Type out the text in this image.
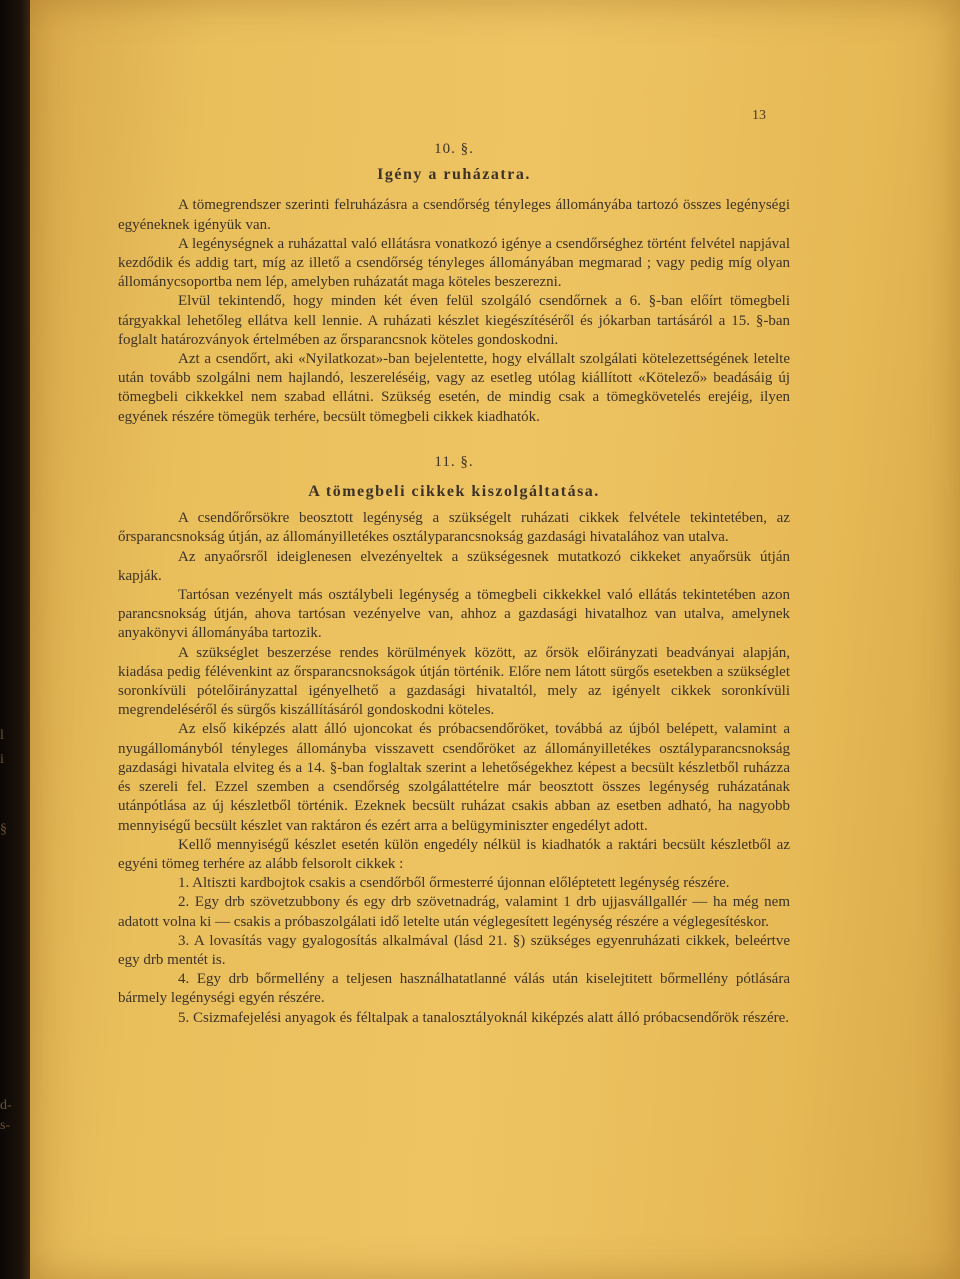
l
i
§
d-
s-
13

10. §.

Igény a ruházatra.

A tömegrendszer szerinti felruházásra a csendőrség tényleges állományába tartozó összes legénységi egyéneknek igényük van.

A legénységnek a ruházattal való ellátásra vonatkozó igénye a csendőrséghez történt felvétel napjával kezdődik és addig tart, míg az illető a csendőrség tényleges állományában megmarad ; vagy pedig míg olyan állománycsoportba nem lép, amelyben ruházatát maga köteles beszerezni.

Elvül tekintendő, hogy minden két éven felül szolgáló csendőrnek a 6. §-ban előírt tömegbeli tárgyakkal lehetőleg ellátva kell lennie. A ruházati készlet kiegészítéséről és jókarban tartásáról a 15. §-ban foglalt határozványok értelmében az őrsparancsnok köteles gondoskodni.

Azt a csendőrt, aki «Nyilatkozat»-ban bejelentette, hogy elvállalt szolgálati kötelezettségének letelte után tovább szolgálni nem hajlandó, leszereléséig, vagy az esetleg utólag kiállított «Kötelező» beadásáig új tömegbeli cikkekkel nem szabad ellátni. Szükség esetén, de mindig csak a tömegkövetelés erejéig, ilyen egyének részére tömegük terhére, becsült tömegbeli cikkek kiadhatók.

11. §.

A tömegbeli cikkek kiszolgáltatása.

A csendőrőrsökre beosztott legénység a szükségelt ruházati cikkek felvétele tekintetében, az őrsparancsnokság útján, az állományilletékes osztályparancsnokság gazdasági hivatalához van utalva.

Az anyaőrsről ideiglenesen elvezényeltek a szükségesnek mutatkozó cikkeket anyaőrsük útján kapják.

Tartósan vezényelt más osztálybeli legénység a tömegbeli cikkekkel való ellátás tekintetében azon parancsnokság útján, ahova tartósan vezényelve van, ahhoz a gazdasági hivatalhoz van utalva, amelynek anyakönyvi állományába tartozik.

A szükséglet beszerzése rendes körülmények között, az őrsök előirányzati beadványai alapján, kiadása pedig félévenkint az őrsparancsnokságok útján történik. Előre nem látott sürgős esetekben a szükséglet soronkívüli pótelőirányzattal igényelhető a gazdasági hivataltól, mely az igényelt cikkek soronkívüli megrendeléséről és sürgős kiszállításáról gondoskodni köteles.

Az első kiképzés alatt álló ujoncokat és próbacsendőröket, továbbá az újból belépett, valamint a nyugállományból tényleges állományba visszavett csendőröket az állományilletékes osztályparancsnokság gazdasági hivatala elviteg és a 14. §-ban foglaltak szerint a lehetőségekhez képest a becsült készletből ruházza és szereli fel. Ezzel szemben a csendőrség szolgálattételre már beosztott összes legénység ruházatának utánpótlása az új készletből történik. Ezeknek becsült ruházat csakis abban az esetben adható, ha nagyobb mennyiségű becsült készlet van raktáron és ezért arra a belügyminiszter engedélyt adott.

Kellő mennyiségű készlet esetén külön engedély nélkül is kiadhatók a raktári becsült készletből az egyéni tömeg terhére az alább felsorolt cikkek :

1. Altiszti kardbojtok csakis a csendőrből őrmesterré újonnan előléptetett legénység részére.

2. Egy drb szövetzubbony és egy drb szövetnadrág, valamint 1 drb ujjasvállgallér — ha még nem adatott volna ki — csakis a próbaszolgálati idő letelte után véglegesített legénység részére a véglegesítéskor.

3. A lovasítás vagy gyalogosítás alkalmával (lásd 21. §) szükséges egyenruházati cikkek, beleértve egy drb mentét is.

4. Egy drb bőrmellény a teljesen használhatatlanné válás után kiselejtitett bőrmellény pótlására bármely legénységi egyén részére.

5. Csizmafejelési anyagok és féltalpak a tanalosztályoknál kiképzés alatt álló próbacsendőrök részére.
